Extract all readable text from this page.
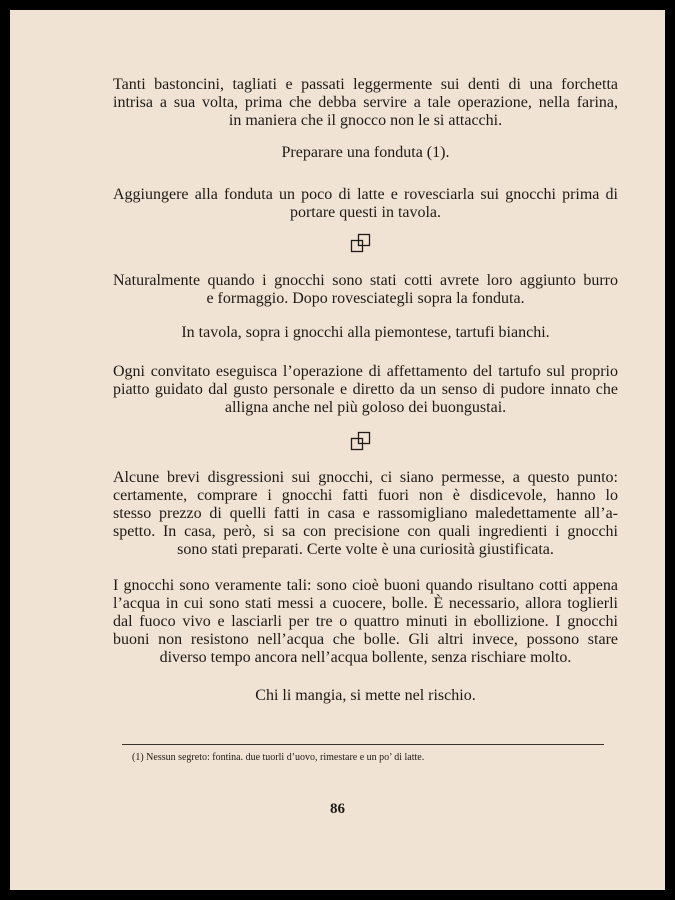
Tanti bastoncini, tagliati e passati leggermente sui denti di una forchetta
intrisa a sua volta, prima che debba servire a tale operazione, nella farina,
in maniera che il gnocco non le si attacchi.
Preparare una fonduta (1).
Aggiungere alla fonduta un poco di latte e rovesciarla sui gnocchi prima di
portare questi in tavola.
Naturalmente quando i gnocchi sono stati cotti avrete loro aggiunto burro
e formaggio. Dopo rovesciategli sopra la fonduta.
In tavola, sopra i gnocchi alla piemontese, tartufi bianchi.
Ogni convitato eseguisca l’operazione di affettamento del tartufo sul proprio
piatto guidato dal gusto personale e diretto da un senso di pudore innato che
alligna anche nel più goloso dei buongustai.
Alcune brevi disgressioni sui gnocchi, ci siano permesse, a questo punto:
certamente, comprare i gnocchi fatti fuori non è disdicevole, hanno lo
stesso prezzo di quelli fatti in casa e rassomigliano maledettamente all’a-
spetto. In casa, però, si sa con precisione con quali ingredienti i gnocchi
sono stati preparati. Certe volte è una curiosità giustificata.
I gnocchi sono veramente tali: sono cioè buoni quando risultano cotti appena
l’acqua in cui sono stati messi a cuocere, bolle. È necessario, allora toglierli
dal fuoco vivo e lasciarli per tre o quattro minuti in ebollizione. I gnocchi
buoni non resistono nell’acqua che bolle. Gli altri invece, possono stare
diverso tempo ancora nell’acqua bollente, senza rischiare molto.
Chi li mangia, si mette nel rischio.
(1) Nessun segreto: fontina. due tuorli d’uovo, rimestare e un po’ di latte.
86
